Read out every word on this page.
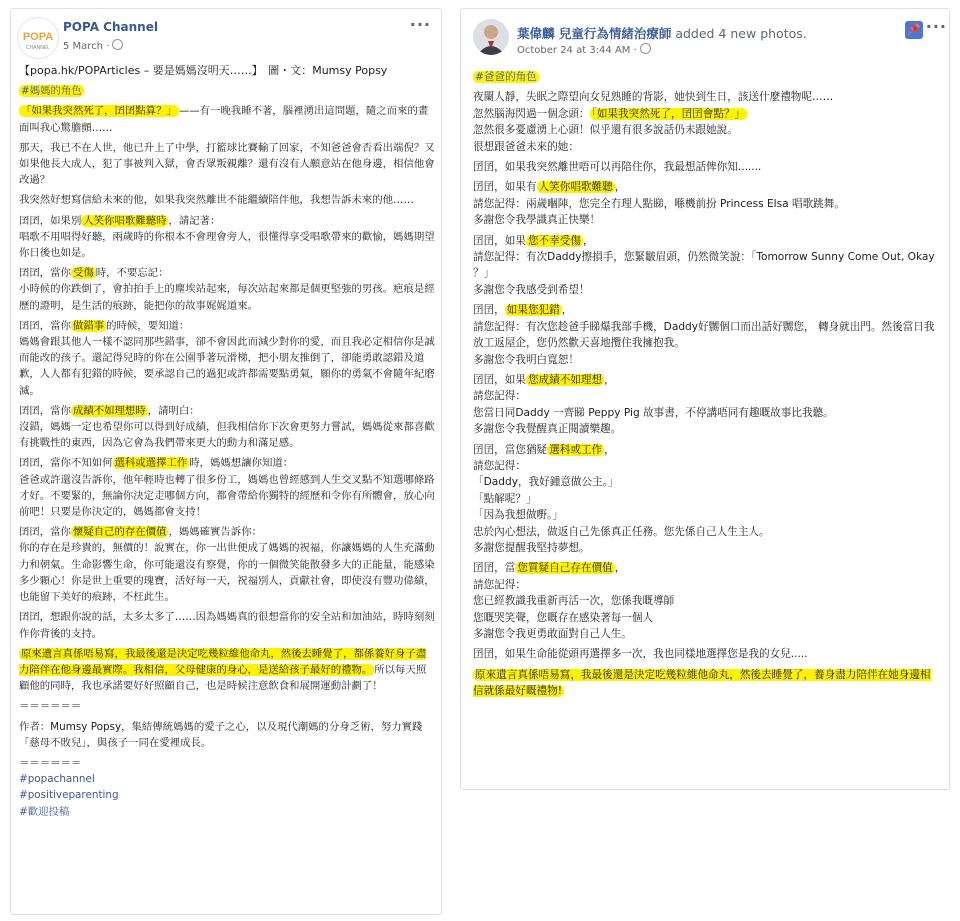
POPA
CHANNEL
POPA Channel
5 March ·
···

【popa.hk/POPArticles – 要是媽媽沒明天……】　圖・文：Mumsy Popsy

#媽媽的角色

「如果我突然死了，囝囝點算？」 ——有一晚我睡不著，腦裡湧出這問題，隨之而來的畫面叫我心驚膽顫……

那天，我已不在人世，他已升上了中學，打籃球比賽輸了回家，不知爸爸會否看出端倪？又如果他長大成人，犯了事被判入獄，會否眾叛親離？還有沒有人願意站在他身邊，相信他會改過？

我突然好想寫信給未來的他，如果我突然離世不能繼續陪伴他，我想告訴未來的他……

囝囝，如果別 人笑你唱歌難聽時 ，請記著：
唱歌不用唱得好聽，兩歲時的你根本不會理會旁人，很懂得享受唱歌帶來的歡愉，媽媽期望你日後也如是。

囝囝，當你 受傷 時，不要忘記：
小時候的你跌倒了，會拍拍手上的塵埃站起來，每次站起來都是個更堅強的男孩。疤痕是經歷的證明，是生活的痕跡，能把你的故事娓娓道來。

囝囝，當你 做錯事 的時候，要知道：
媽媽會跟其他人一樣不認同那些錯事，卻不會因此而減少對你的愛，而且我必定相信你是誠而能改的孩子。還記得兒時的你在公園爭著玩滑梯，把小朋友推倒了，卻能勇敢認錯及道歉，人人都有犯錯的時候，要承認自己的過犯或許都需要點勇氣，願你的勇氣不會隨年紀磨滅。

囝囝，當你 成績不如理想時 ，請明白：
沒錯，媽媽一定也希望你可以得到好成績，但我相信你下次會更努力嘗試，媽媽從來都喜歡有挑戰性的東西，因為它會為我們帶來更大的動力和滿足感。

囝囝，當你不知如何 選科或選擇工作 時，媽媽想讓你知道：
爸爸或許還沒告訴你，他年輕時也轉了很多份工，媽媽也曾經感到人生交叉點不知選哪條路才好。不要緊的，無論你決定走哪個方向，都會帶給你獨特的經歷和令你有所體會，放心向前吧！只要是你決定的，媽媽都會支持！

囝囝，當你 懷疑自己的存在價值 ，媽媽確實告訴你：
你的存在是珍貴的，無價的！說實在，你一出世便成了媽媽的祝福，你讓媽媽的人生充滿動力和朝氣。生命影響生命，你可能還沒有察覺，你的一個微笑能散發多大的正能量，能感染多少顆心！你是世上重要的瑰寶，活好每一天，祝福別人，貢獻社會，即使沒有豐功偉績， 也能留下美好的痕跡，不枉此生。

囝囝，想跟你說的話，太多太多了……因為媽媽真的很想當你的安全站和加油站，時時刻刻作你背後的支持。

原來遺言真係唔易寫，我最後還是決定吃幾粒維他命丸，然後去睡覺了，都係養好身子盡力陪伴在他身邊最實際。我相信，父母健康的身心，是送給孩子最好的禮物。 所以每天照顧他的同時，我也承諾要好好照顧自己，也是時候注意飲食和展開運動計劃了！

＝＝＝＝＝＝

作者：Mumsy Popsy，集結傳統媽媽的愛子之心，以及現代潮媽的分身乏術，努力實踐「慈母不敗兒」，與孩子一同在愛裡成長。

＝＝＝＝＝＝

#popachannel
#positiveparenting
#歡迎投稿
葉偉麟 兒童行為情緒治療師 added 4 new photos.
October 24 at 3:44 AM ·
📌 ···

#爸爸的角色

夜闌人靜，失眠之際望向女兒熟睡的背影，她快到生日，該送什麼禮物呢……
忽然腦海閃過一個念頭： 「如果我突然死了，囝囝會點？」
忽然很多憂慮湧上心頭！似乎還有很多說話仍未跟她說。
很想跟爸爸未來的她：

囝囝，如果我突然離世唔可以再陪住你，我最想話俾你知.......

囝囝，如果有 人笑你唱歌難聽 ，
請您記得：兩歲嗰陣，您完全冇理人點睇，喺機前扮 Princess Elsa 唱歌跳舞。
多謝您令我學識真正快樂！

囝囝，如果 您不幸受傷 ，
請您記得：有次Daddy擦損手，您緊皺眉頭，仍然微笑說：「Tomorrow Sunny Come Out, Okay ？」
多謝您令我感受到希望！

囝囝， 如果您犯錯 ，
請您記得：有次您趁爸手睇爆我部手機，Daddy好嬲個口而出話好嬲您， 轉身就出門。然後當日我放工返屋企，您仍然歡天喜地攬住我擁抱我。
多謝您令我明白寬恕！

囝囝，如果 您成績不如理想 ，
請您記得：
您當日同Daddy 一齊睇 Peppy Pig 故事書，不停講唔同有趣嘅故事比我聽。
多謝您令我覺醒真正閱讀樂趣。

囝囝，當您猶疑 選科或工作 ，
請您記得：
「Daddy，我好鍾意做公主。」
「點解呢？」
「因為我想做嘢。」
忠於內心想法，做返自己先係真正任務。您先係自己人生主人。
多謝您提醒我堅持夢想。

囝囝，當 您質疑自己存在價值 ，
請您記得：
您已經教識我重新再活一次，您係我嘅導師
您嘅哭笑聲，您嘅存在感染著每一個人
多謝您令我更勇敢面對自己人生。

囝囝，如果生命能從頭再選擇多一次，我也同樣地選擇您是我的女兒.....

原來遺言真係唔易寫，我最後還是決定吃幾粒維他命丸，然後去睡覺了，養身盡力陪伴在她身邊相信就係最好嘅禮物!
